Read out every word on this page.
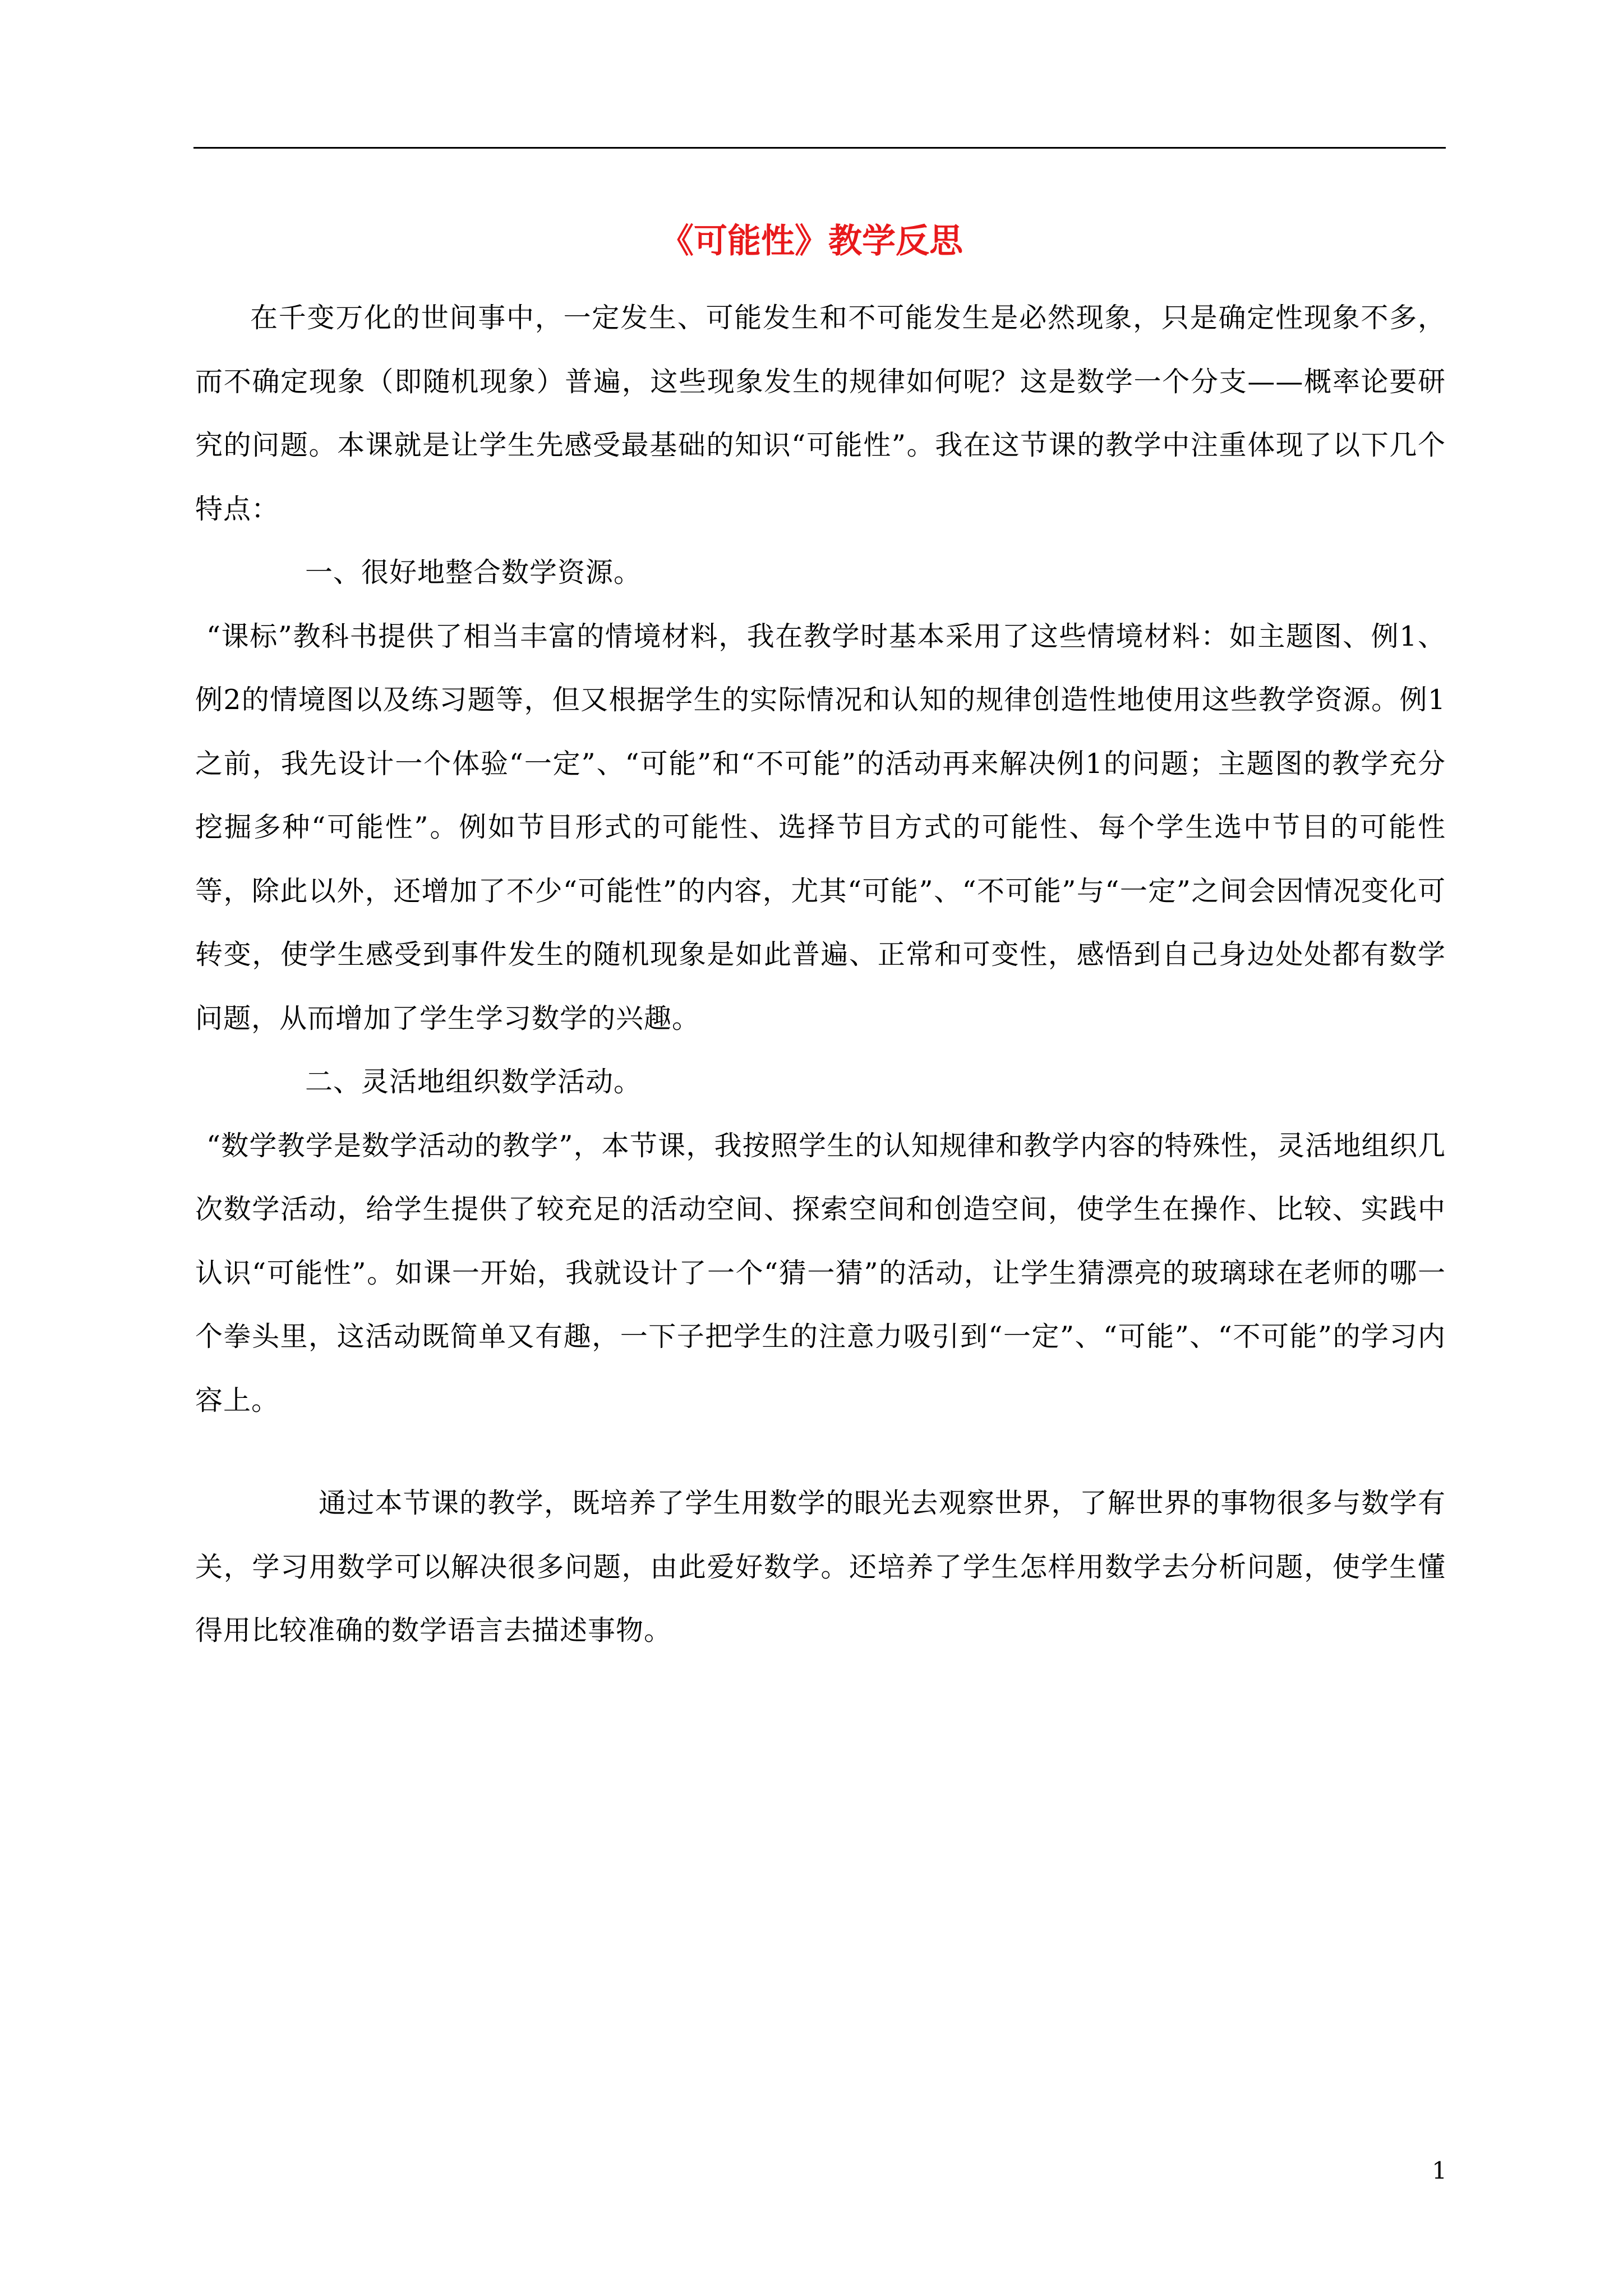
《可能性》教学反思

在千变万化的世间事中，一定发生、可能发生和不可能发生是必然现象，只是确定性现象不多，而不确定现象（即随机现象）普遍，这些现象发生的规律如何呢？这是数学一个分支——概率论要研究的问题。本课就是让学生先感受最基础的知识“可能性”。我在这节课的教学中注重体现了以下几个特点：

一、很好地整合数学资源。

“课标”教科书提供了相当丰富的情境材料，我在教学时基本采用了这些情境材料：如主题图、例1、例2的情境图以及练习题等，但又根据学生的实际情况和认知的规律创造性地使用这些教学资源。例1之前，我先设计一个体验“一定”、“可能”和“不可能”的活动再来解决例1的问题；主题图的教学充分挖掘多种“可能性”。例如节目形式的可能性、选择节目方式的可能性、每个学生选中节目的可能性等，除此以外，还增加了不少“可能性”的内容，尤其“可能”、“不可能”与“一定”之间会因情况变化可转变，使学生感受到事件发生的随机现象是如此普遍、正常和可变性，感悟到自己身边处处都有数学问题，从而增加了学生学习数学的兴趣。

二、灵活地组织数学活动。

“数学教学是数学活动的教学”，本节课，我按照学生的认知规律和教学内容的特殊性，灵活地组织几次数学活动，给学生提供了较充足的活动空间、探索空间和创造空间，使学生在操作、比较、实践中认识“可能性”。如课一开始，我就设计了一个“猜一猜”的活动，让学生猜漂亮的玻璃球在老师的哪一个拳头里，这活动既简单又有趣，一下子把学生的注意力吸引到“一定”、“可能”、“不可能”的学习内容上。

通过本节课的教学，既培养了学生用数学的眼光去观察世界，了解世界的事物很多与数学有关，学习用数学可以解决很多问题，由此爱好数学。还培养了学生怎样用数学去分析问题，使学生懂得用比较准确的数学语言去描述事物。

1
